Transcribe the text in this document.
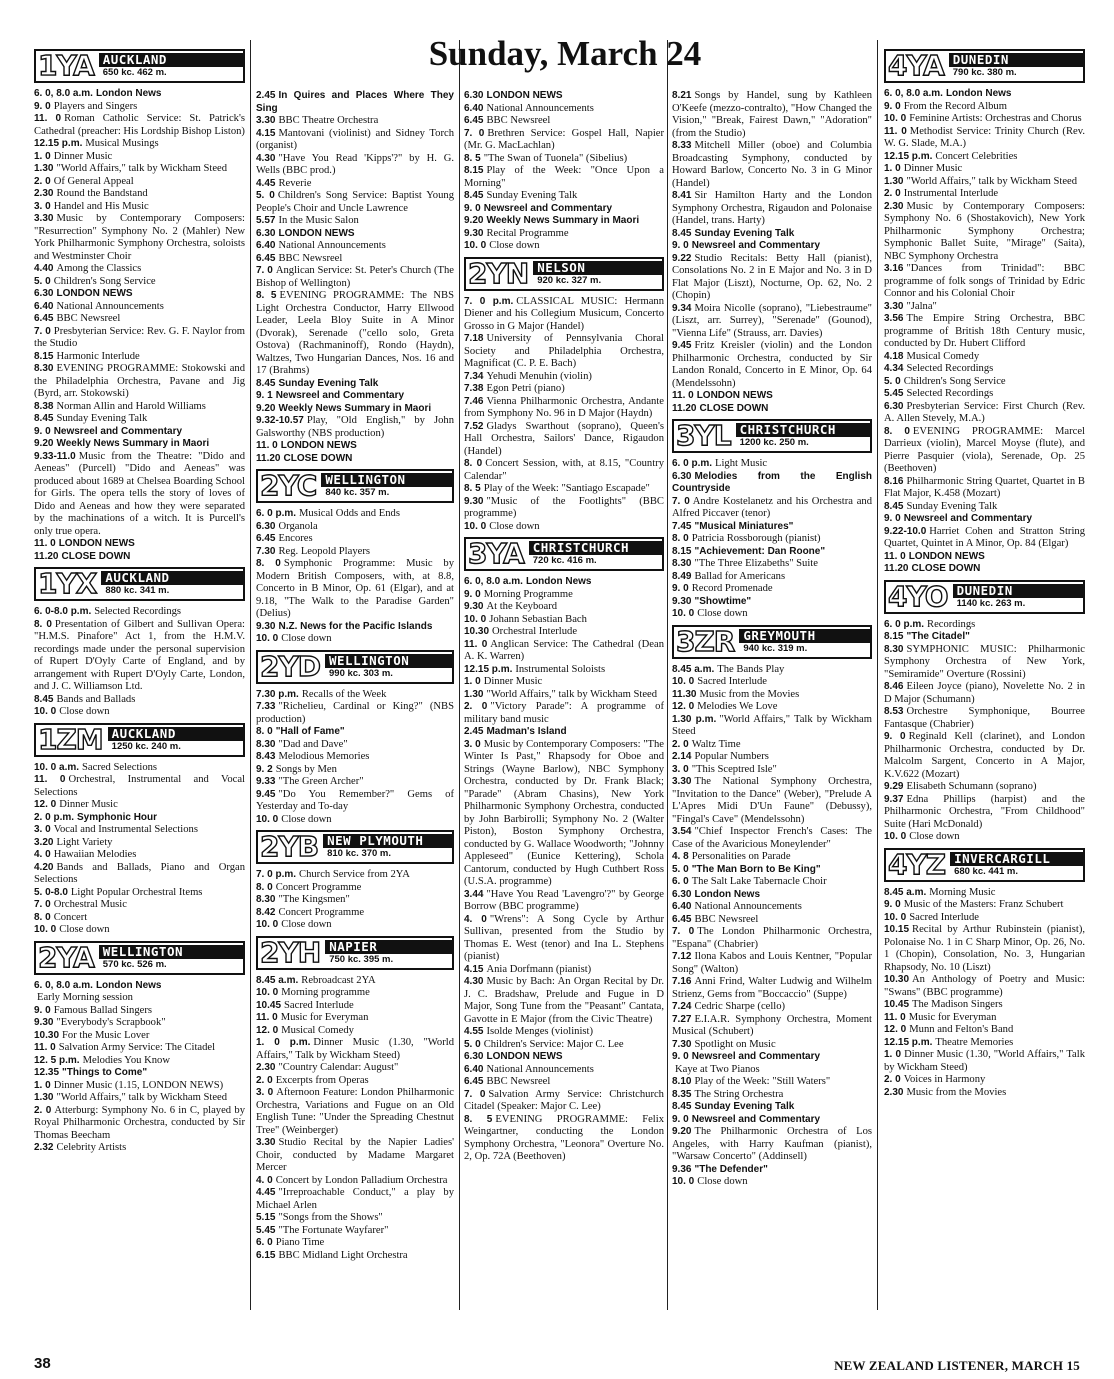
Sunday, March 24
1YA AUCKLAND
650 kc. 462 m.

6. 0, 8.0 a.m. London News

9. 0 Players and Singers

11. 0 Roman Catholic Service: St. Patrick's Cathedral (preacher: His Lordship Bishop Liston)

12.15 p.m. Musical Musings

1. 0 Dinner Music

1.30 "World Affairs," talk by Wickham Steed

2. 0 Of General Appeal

2.30 Round the Bandstand

3. 0 Handel and His Music

3.30 Music by Contemporary Composers: "Resurrection" Symphony No. 2 (Mahler) New York Philharmonic Symphony Orchestra, soloists and Westminster Choir

4.40 Among the Classics

5. 0 Children's Song Service

6.30 LONDON NEWS

6.40 National Announcements

6.45 BBC Newsreel

7. 0 Presbyterian Service: Rev. G. F. Naylor from the Studio

8.15 Harmonic Interlude

8.30 EVENING PROGRAMME: Stokowski and the Philadelphia Orchestra, Pavane and Jig (Byrd, arr. Stokowski)

8.38 Norman Allin and Harold Williams

8.45 Sunday Evening Talk

9. 0 Newsreel and Commentary

9.20 Weekly News Summary in Maori

9.33-11.0 Music from the Theatre: "Dido and Aeneas" (Purcell) "Dido and Aeneas" was produced about 1689 at Chelsea Boarding School for Girls. The opera tells the story of loves of Dido and Aeneas and how they were separated by the machinations of a witch. It is Purcell's only true opera.

11. 0 LONDON NEWS

11.20 CLOSE DOWN

1YX AUCKLAND
880 kc. 341 m.

6. 0-8.0 p.m. Selected Recordings

8. 0 Presentation of Gilbert and Sullivan Opera: "H.M.S. Pinafore" Act 1, from the H.M.V. recordings made under the personal supervision of Rupert D'Oyly Carte of England, and by arrangement with Rupert D'Oyly Carte, London, and J. C. Williamson Ltd.

8.45 Bands and Ballads

10. 0 Close down

1ZM AUCKLAND
1250 kc. 240 m.

10. 0 a.m. Sacred Selections

11. 0 Orchestral, Instrumental and Vocal Selections

12. 0 Dinner Music

2. 0 p.m. Symphonic Hour

3. 0 Vocal and Instrumental Selections

3.20 Light Variety

4. 0 Hawaiian Melodies

4.20 Bands and Ballads, Piano and Organ Selections

5. 0-8.0 Light Popular Orchestral Items

7. 0 Orchestral Music

8. 0 Concert

10. 0 Close down

2YA WELLINGTON
570 kc. 526 m.

6. 0, 8.0 a.m. London News

Early Morning session

9. 0 Famous Ballad Singers

9.30 "Everybody's Scrapbook"

10.30 For the Music Lover

11. 0 Salvation Army Service: The Citadel

12. 5 p.m. Melodies You Know

12.35 "Things to Come"

1. 0 Dinner Music (1.15, LONDON NEWS)

1.30 "World Affairs," talk by Wickham Steed

2. 0 Atterburg: Symphony No. 6 in C, played by Royal Philharmonic Orchestra, conducted by Sir Thomas Beecham

2.32 Celebrity Artists

2.45 In Quires and Places Where They Sing

3.30 BBC Theatre Orchestra

4.15 Mantovani (violinist) and Sidney Torch (organist)

4.30 "Have You Read 'Kipps'?" by H. G. Wells (BBC prod.)

4.45 Reverie

5. 0 Children's Song Service: Baptist Young People's Choir and Uncle Lawrence

5.57 In the Music Salon

6.30 LONDON NEWS

6.40 National Announcements

6.45 BBC Newsreel

7. 0 Anglican Service: St. Peter's Church (The Bishop of Wellington)

8. 5 EVENING PROGRAMME: The NBS Light Orchestra Conductor, Harry Ellwood Leader, Leela Bloy Suite in A Minor (Dvorak), Serenade ("cello solo, Greta Ostova) (Rachmaninoff), Rondo (Haydn), Waltzes, Two Hungarian Dances, Nos. 16 and 17 (Brahms)

8.45 Sunday Evening Talk

9. 1 Newsreel and Commentary

9.20 Weekly News Summary in Maori

9.32-10.57 Play, "Old English," by John Galsworthy (NBS production)

11. 0 LONDON NEWS

11.20 CLOSE DOWN

2YC WELLINGTON
840 kc. 357 m.

6. 0 p.m. Musical Odds and Ends

6.30 Organola

6.45 Encores

7.30 Reg. Leopold Players

8. 0 Symphonic Programme: Music by Modern British Composers, with, at 8.8, Concerto in B Minor, Op. 61 (Elgar), and at 9.18, "The Walk to the Paradise Garden" (Delius)

9.30 N.Z. News for the Pacific Islands

10. 0 Close down

2YD WELLINGTON
990 kc. 303 m.

7.30 p.m. Recalls of the Week

7.33 "Richelieu, Cardinal or King?" (NBS production)

8. 0 "Hall of Fame"

8.30 "Dad and Dave"

8.43 Melodious Memories

9. 2 Songs by Men

9.33 "The Green Archer"

9.45 "Do You Remember?" Gems of Yesterday and To-day

10. 0 Close down

2YB NEW PLYMOUTH
810 kc. 370 m.

7. 0 p.m. Church Service from 2YA

8. 0 Concert Programme

8.30 "The Kingsmen"

8.42 Concert Programme

10. 0 Close down

2YH NAPIER
750 kc. 395 m.

8.45 a.m. Rebroadcast 2YA

10. 0 Morning programme

10.45 Sacred Interlude

11. 0 Music for Everyman

12. 0 Musical Comedy

1. 0 p.m. Dinner Music (1.30, "World Affairs," Talk by Wickham Steed)

2.30 "Country Calendar: August"

2. 0 Excerpts from Operas

3. 0 Afternoon Feature: London Philharmonic Orchestra, Variations and Fugue on an Old English Tune: "Under the Spreading Chestnut Tree" (Weinberger)

3.30 Studio Recital by the Napier Ladies' Choir, conducted by Madame Margaret Mercer

4. 0 Concert by London Palladium Orchestra

4.45 "Irreproachable Conduct," a play by Michael Arlen

5.15 "Songs from the Shows"

5.45 "The Fortunate Wayfarer"

6. 0 Piano Time

6.15 BBC Midland Light Orchestra

6.30 LONDON NEWS

6.40 National Announcements

6.45 BBC Newsreel

7. 0 Brethren Service: Gospel Hall, Napier (Mr. G. MacLachlan)

8. 5 "The Swan of Tuonela" (Sibelius)

8.15 Play of the Week: "Once Upon a Morning"

8.45 Sunday Evening Talk

9. 0 Newsreel and Commentary

9.20 Weekly News Summary in Maori

9.30 Recital Programme

10. 0 Close down

2YN NELSON
920 kc. 327 m.

7. 0 p.m. CLASSICAL MUSIC: Hermann Diener and his Collegium Musicum, Concerto Grosso in G Major (Handel)

7.18 University of Pennsylvania Choral Society and Philadelphia Orchestra, Magnificat (C. P. E. Bach)

7.34 Yehudi Menuhin (violin)

7.38 Egon Petri (piano)

7.46 Vienna Philharmonic Orchestra, Andante from Symphony No. 96 in D Major (Haydn)

7.52 Gladys Swarthout (soprano), Queen's Hall Orchestra, Sailors' Dance, Rigaudon (Handel)

8. 0 Concert Session, with, at 8.15, "Country Calendar"

8. 5 Play of the Week: "Santiago Escapade"

9.30 "Music of the Footlights" (BBC programme)

10. 0 Close down

3YA CHRISTCHURCH
720 kc. 416 m.

6. 0, 8.0 a.m. London News

9. 0 Morning Programme

9.30 At the Keyboard

10. 0 Johann Sebastian Bach

10.30 Orchestral Interlude

11. 0 Anglican Service: The Cathedral (Dean A. K. Warren)

12.15 p.m. Instrumental Soloists

1. 0 Dinner Music

1.30 "World Affairs," talk by Wickham Steed

2. 0 "Victory Parade": A programme of military band music

2.45 Madman's Island

3. 0 Music by Contemporary Composers: "The Winter Is Past," Rhapsody for Oboe and Strings (Wayne Barlow), NBC Symphony Orchestra, conducted by Dr. Frank Black; "Parade" (Abram Chasins), New York Philharmonic Symphony Orchestra, conducted by John Barbirolli; Symphony No. 2 (Walter Piston), Boston Symphony Orchestra, conducted by G. Wallace Woodworth; "Johnny Appleseed" (Eunice Kettering), Schola Cantorum, conducted by Hugh Cuthbert Ross (U.S.A. programme)

3.44 "Have You Read 'Lavengro'?" by George Borrow (BBC programme)

4. 0 "Wrens": A Song Cycle by Arthur Sullivan, presented from the Studio by Thomas E. West (tenor) and Ina L. Stephens (pianist)

4.15 Ania Dorfmann (pianist)

4.30 Music by Bach: An Organ Recital by Dr. J. C. Bradshaw, Prelude and Fugue in D Major, Song Tune from the "Peasant" Cantata, Gavotte in E Major (from the Civic Theatre)

4.55 Isolde Menges (violinist)

5. 0 Children's Service: Major C. Lee

6.30 LONDON NEWS

6.40 National Announcements

6.45 BBC Newsreel

7. 0 Salvation Army Service: Christchurch Citadel (Speaker: Major C. Lee)

8. 5 EVENING PROGRAMME: Felix Weingartner, conducting the London Symphony Orchestra, "Leonora" Overture No. 2, Op. 72A (Beethoven)

8.21 Songs by Handel, sung by Kathleen O'Keefe (mezzo-contralto), "How Changed the Vision," "Break, Fairest Dawn," "Adoration" (from the Studio)

8.33 Mitchell Miller (oboe) and Columbia Broadcasting Symphony, conducted by Howard Barlow, Concerto No. 3 in G Minor (Handel)

8.41 Sir Hamilton Harty and the London Symphony Orchestra, Rigaudon and Polonaise (Handel, trans. Harty)

8.45 Sunday Evening Talk

9. 0 Newsreel and Commentary

9.22 Studio Recitals: Betty Hall (pianist), Consolations No. 2 in E Major and No. 3 in D Flat Major (Liszt), Nocturne, Op. 62, No. 2 (Chopin)

9.34 Moira Nicolle (soprano), "Liebestraume" (Liszt, arr. Surrey), "Serenade" (Gounod), "Vienna Life" (Strauss, arr. Davies)

9.45 Fritz Kreisler (violin) and the London Philharmonic Orchestra, conducted by Sir Landon Ronald, Concerto in E Minor, Op. 64 (Mendelssohn)

11. 0 LONDON NEWS

11.20 CLOSE DOWN

3YL CHRISTCHURCH
1200 kc. 250 m.

6. 0 p.m. Light Music

6.30 Melodies from the English Countryside

7. 0 Andre Kostelanetz and his Orchestra and Alfred Piccaver (tenor)

7.45 "Musical Miniatures"

8. 0 Patricia Rossborough (pianist)

8.15 "Achievement: Dan Roone"

8.30 "The Three Elizabeths" Suite

8.49 Ballad for Americans

9. 0 Record Promenade

9.30 "Showtime"

10. 0 Close down

3ZR GREYMOUTH
940 kc. 319 m.

8.45 a.m. The Bands Play

10. 0 Sacred Interlude

11.30 Music from the Movies

12. 0 Melodies We Love

1.30 p.m. "World Affairs," Talk by Wickham Steed

2. 0 Waltz Time

2.14 Popular Numbers

3. 0 "This Sceptred Isle"

3.30 The National Symphony Orchestra, "Invitation to the Dance" (Weber), "Prelude A L'Apres Midi D'Un Faune" (Debussy), "Fingal's Cave" (Mendelssohn)

3.54 "Chief Inspector French's Cases: The Case of the Avaricious Moneylender"

4. 8 Personalities on Parade

5. 0 "The Man Born to Be King"

6. 0 The Salt Lake Tabernacle Choir

6.30 London News

6.40 National Announcements

6.45 BBC Newsreel

7. 0 The London Philharmonic Orchestra, "Espana" (Chabrier)

7.12 Ilona Kabos and Louis Kentner, "Popular Song" (Walton)

7.16 Anni Frind, Walter Ludwig and Wilhelm Strienz, Gems from "Boccaccio" (Suppe)

7.24 Cedric Sharpe (cello)

7.27 E.I.A.R. Symphony Orchestra, Moment Musical (Schubert)

7.30 Spotlight on Music

9. 0 Newsreel and Commentary

Kaye at Two Pianos

8.10 Play of the Week: "Still Waters"

8.35 The String Orchestra

8.45 Sunday Evening Talk

9. 0 Newsreel and Commentary

9.20 The Philharmonic Orchestra of Los Angeles, with Harry Kaufman (pianist), "Warsaw Concerto" (Addinsell)

9.36 "The Defender"

10. 0 Close down

4YA DUNEDIN
790 kc. 380 m.

6. 0, 8.0 a.m. London News

9. 0 From the Record Album

10. 0 Feminine Artists: Orchestras and Chorus

11. 0 Methodist Service: Trinity Church (Rev. W. G. Slade, M.A.)

12.15 p.m. Concert Celebrities

1. 0 Dinner Music

1.30 "World Affairs," talk by Wickham Steed

2. 0 Instrumental Interlude

2.30 Music by Contemporary Composers: Symphony No. 6 (Shostakovich), New York Philharmonic Symphony Orchestra; Symphonic Ballet Suite, "Mirage" (Saita), NBC Symphony Orchestra

3.16 "Dances from Trinidad": BBC programme of folk songs of Trinidad by Edric Connor and his Colonial Choir

3.30 "Jalna"

3.56 The Empire String Orchestra, BBC programme of British 18th Century music, conducted by Dr. Hubert Clifford

4.18 Musical Comedy

4.34 Selected Recordings

5. 0 Children's Song Service

5.45 Selected Recordings

6.30 Presbyterian Service: First Church (Rev. A. Allen Stevely, M.A.)

8. 0 EVENING PROGRAMME: Marcel Darrieux (violin), Marcel Moyse (flute), and Pierre Pasquier (viola), Serenade, Op. 25 (Beethoven)

8.16 Philharmonic String Quartet, Quartet in B Flat Major, K.458 (Mozart)

8.45 Sunday Evening Talk

9. 0 Newsreel and Commentary

9.22-10.0 Harriet Cohen and Stratton String Quartet, Quintet in A Minor, Op. 84 (Elgar)

11. 0 LONDON NEWS

11.20 CLOSE DOWN

4YO DUNEDIN
1140 kc. 263 m.

6. 0 p.m. Recordings

8.15 "The Citadel"

8.30 SYMPHONIC MUSIC: Philharmonic Symphony Orchestra of New York, "Semiramide" Overture (Rossini)

8.46 Eileen Joyce (piano), Novelette No. 2 in D Major (Schumann)

8.53 Orchestre Symphonique, Bourree Fantasque (Chabrier)

9. 0 Reginald Kell (clarinet), and London Philharmonic Orchestra, conducted by Dr. Malcolm Sargent, Concerto in A Major, K.V.622 (Mozart)

9.29 Elisabeth Schumann (soprano)

9.37 Edna Phillips (harpist) and the Philharmonic Orchestra, "From Childhood" Suite (Hari McDonald)

10. 0 Close down

4YZ INVERCARGILL
680 kc. 441 m.

8.45 a.m. Morning Music

9. 0 Music of the Masters: Franz Schubert

10. 0 Sacred Interlude

10.15 Recital by Arthur Rubinstein (pianist), Polonaise No. 1 in C Sharp Minor, Op. 26, No. 1 (Chopin), Consolation, No. 3, Hungarian Rhapsody, No. 10 (Liszt)

10.30 An Anthology of Poetry and Music: "Swans" (BBC programme)

10.45 The Madison Singers

11. 0 Music for Everyman

12. 0 Munn and Felton's Band

12.15 p.m. Theatre Memories

1. 0 Dinner Music (1.30, "World Affairs," Talk by Wickham Steed)

2. 0 Voices in Harmony

2.30 Music from the Movies

38	NEW ZEALAND LISTENER, MARCH 15
